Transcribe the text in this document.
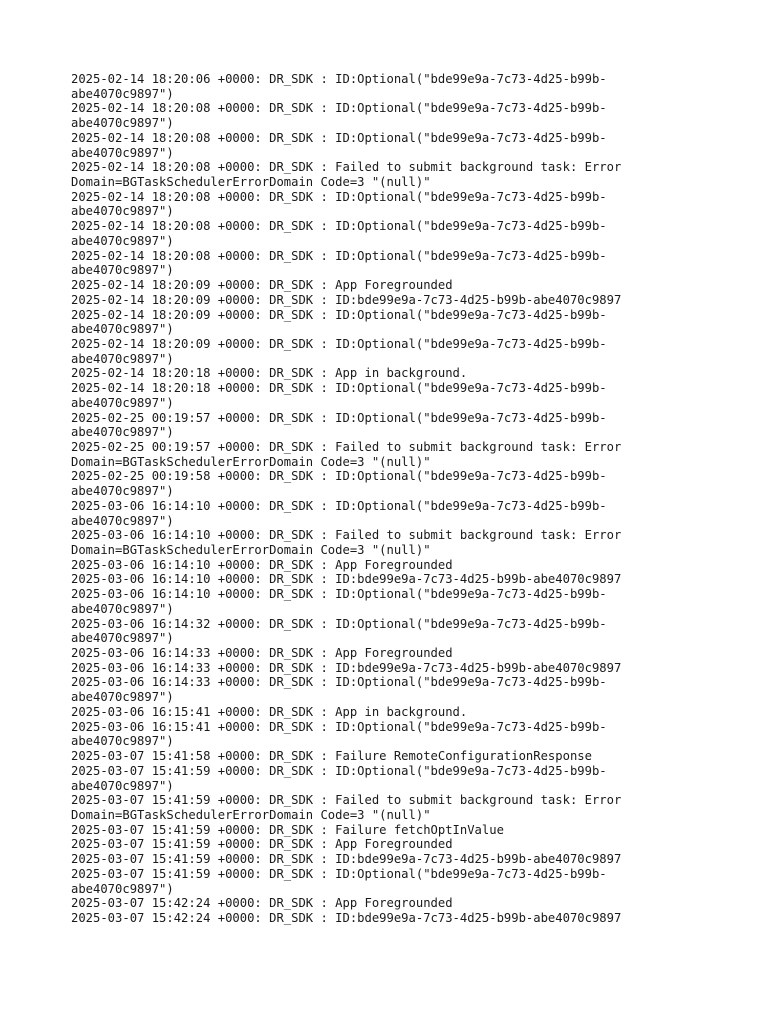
2025-02-14 18:20:06 +0000: DR_SDK : ID:Optional("bde99e9a-7c73-4d25-b99b-
abe4070c9897")
2025-02-14 18:20:08 +0000: DR_SDK : ID:Optional("bde99e9a-7c73-4d25-b99b-
abe4070c9897")
2025-02-14 18:20:08 +0000: DR_SDK : ID:Optional("bde99e9a-7c73-4d25-b99b-
abe4070c9897")
2025-02-14 18:20:08 +0000: DR_SDK : Failed to submit background task: Error
Domain=BGTaskSchedulerErrorDomain Code=3 "(null)"
2025-02-14 18:20:08 +0000: DR_SDK : ID:Optional("bde99e9a-7c73-4d25-b99b-
abe4070c9897")
2025-02-14 18:20:08 +0000: DR_SDK : ID:Optional("bde99e9a-7c73-4d25-b99b-
abe4070c9897")
2025-02-14 18:20:08 +0000: DR_SDK : ID:Optional("bde99e9a-7c73-4d25-b99b-
abe4070c9897")
2025-02-14 18:20:09 +0000: DR_SDK : App Foregrounded
2025-02-14 18:20:09 +0000: DR_SDK : ID:bde99e9a-7c73-4d25-b99b-abe4070c9897
2025-02-14 18:20:09 +0000: DR_SDK : ID:Optional("bde99e9a-7c73-4d25-b99b-
abe4070c9897")
2025-02-14 18:20:09 +0000: DR_SDK : ID:Optional("bde99e9a-7c73-4d25-b99b-
abe4070c9897")
2025-02-14 18:20:18 +0000: DR_SDK : App in background.
2025-02-14 18:20:18 +0000: DR_SDK : ID:Optional("bde99e9a-7c73-4d25-b99b-
abe4070c9897")
2025-02-25 00:19:57 +0000: DR_SDK : ID:Optional("bde99e9a-7c73-4d25-b99b-
abe4070c9897")
2025-02-25 00:19:57 +0000: DR_SDK : Failed to submit background task: Error
Domain=BGTaskSchedulerErrorDomain Code=3 "(null)"
2025-02-25 00:19:58 +0000: DR_SDK : ID:Optional("bde99e9a-7c73-4d25-b99b-
abe4070c9897")
2025-03-06 16:14:10 +0000: DR_SDK : ID:Optional("bde99e9a-7c73-4d25-b99b-
abe4070c9897")
2025-03-06 16:14:10 +0000: DR_SDK : Failed to submit background task: Error
Domain=BGTaskSchedulerErrorDomain Code=3 "(null)"
2025-03-06 16:14:10 +0000: DR_SDK : App Foregrounded
2025-03-06 16:14:10 +0000: DR_SDK : ID:bde99e9a-7c73-4d25-b99b-abe4070c9897
2025-03-06 16:14:10 +0000: DR_SDK : ID:Optional("bde99e9a-7c73-4d25-b99b-
abe4070c9897")
2025-03-06 16:14:32 +0000: DR_SDK : ID:Optional("bde99e9a-7c73-4d25-b99b-
abe4070c9897")
2025-03-06 16:14:33 +0000: DR_SDK : App Foregrounded
2025-03-06 16:14:33 +0000: DR_SDK : ID:bde99e9a-7c73-4d25-b99b-abe4070c9897
2025-03-06 16:14:33 +0000: DR_SDK : ID:Optional("bde99e9a-7c73-4d25-b99b-
abe4070c9897")
2025-03-06 16:15:41 +0000: DR_SDK : App in background.
2025-03-06 16:15:41 +0000: DR_SDK : ID:Optional("bde99e9a-7c73-4d25-b99b-
abe4070c9897")
2025-03-07 15:41:58 +0000: DR_SDK : Failure RemoteConfigurationResponse
2025-03-07 15:41:59 +0000: DR_SDK : ID:Optional("bde99e9a-7c73-4d25-b99b-
abe4070c9897")
2025-03-07 15:41:59 +0000: DR_SDK : Failed to submit background task: Error
Domain=BGTaskSchedulerErrorDomain Code=3 "(null)"
2025-03-07 15:41:59 +0000: DR_SDK : Failure fetchOptInValue
2025-03-07 15:41:59 +0000: DR_SDK : App Foregrounded
2025-03-07 15:41:59 +0000: DR_SDK : ID:bde99e9a-7c73-4d25-b99b-abe4070c9897
2025-03-07 15:41:59 +0000: DR_SDK : ID:Optional("bde99e9a-7c73-4d25-b99b-
abe4070c9897")
2025-03-07 15:42:24 +0000: DR_SDK : App Foregrounded
2025-03-07 15:42:24 +0000: DR_SDK : ID:bde99e9a-7c73-4d25-b99b-abe4070c9897
